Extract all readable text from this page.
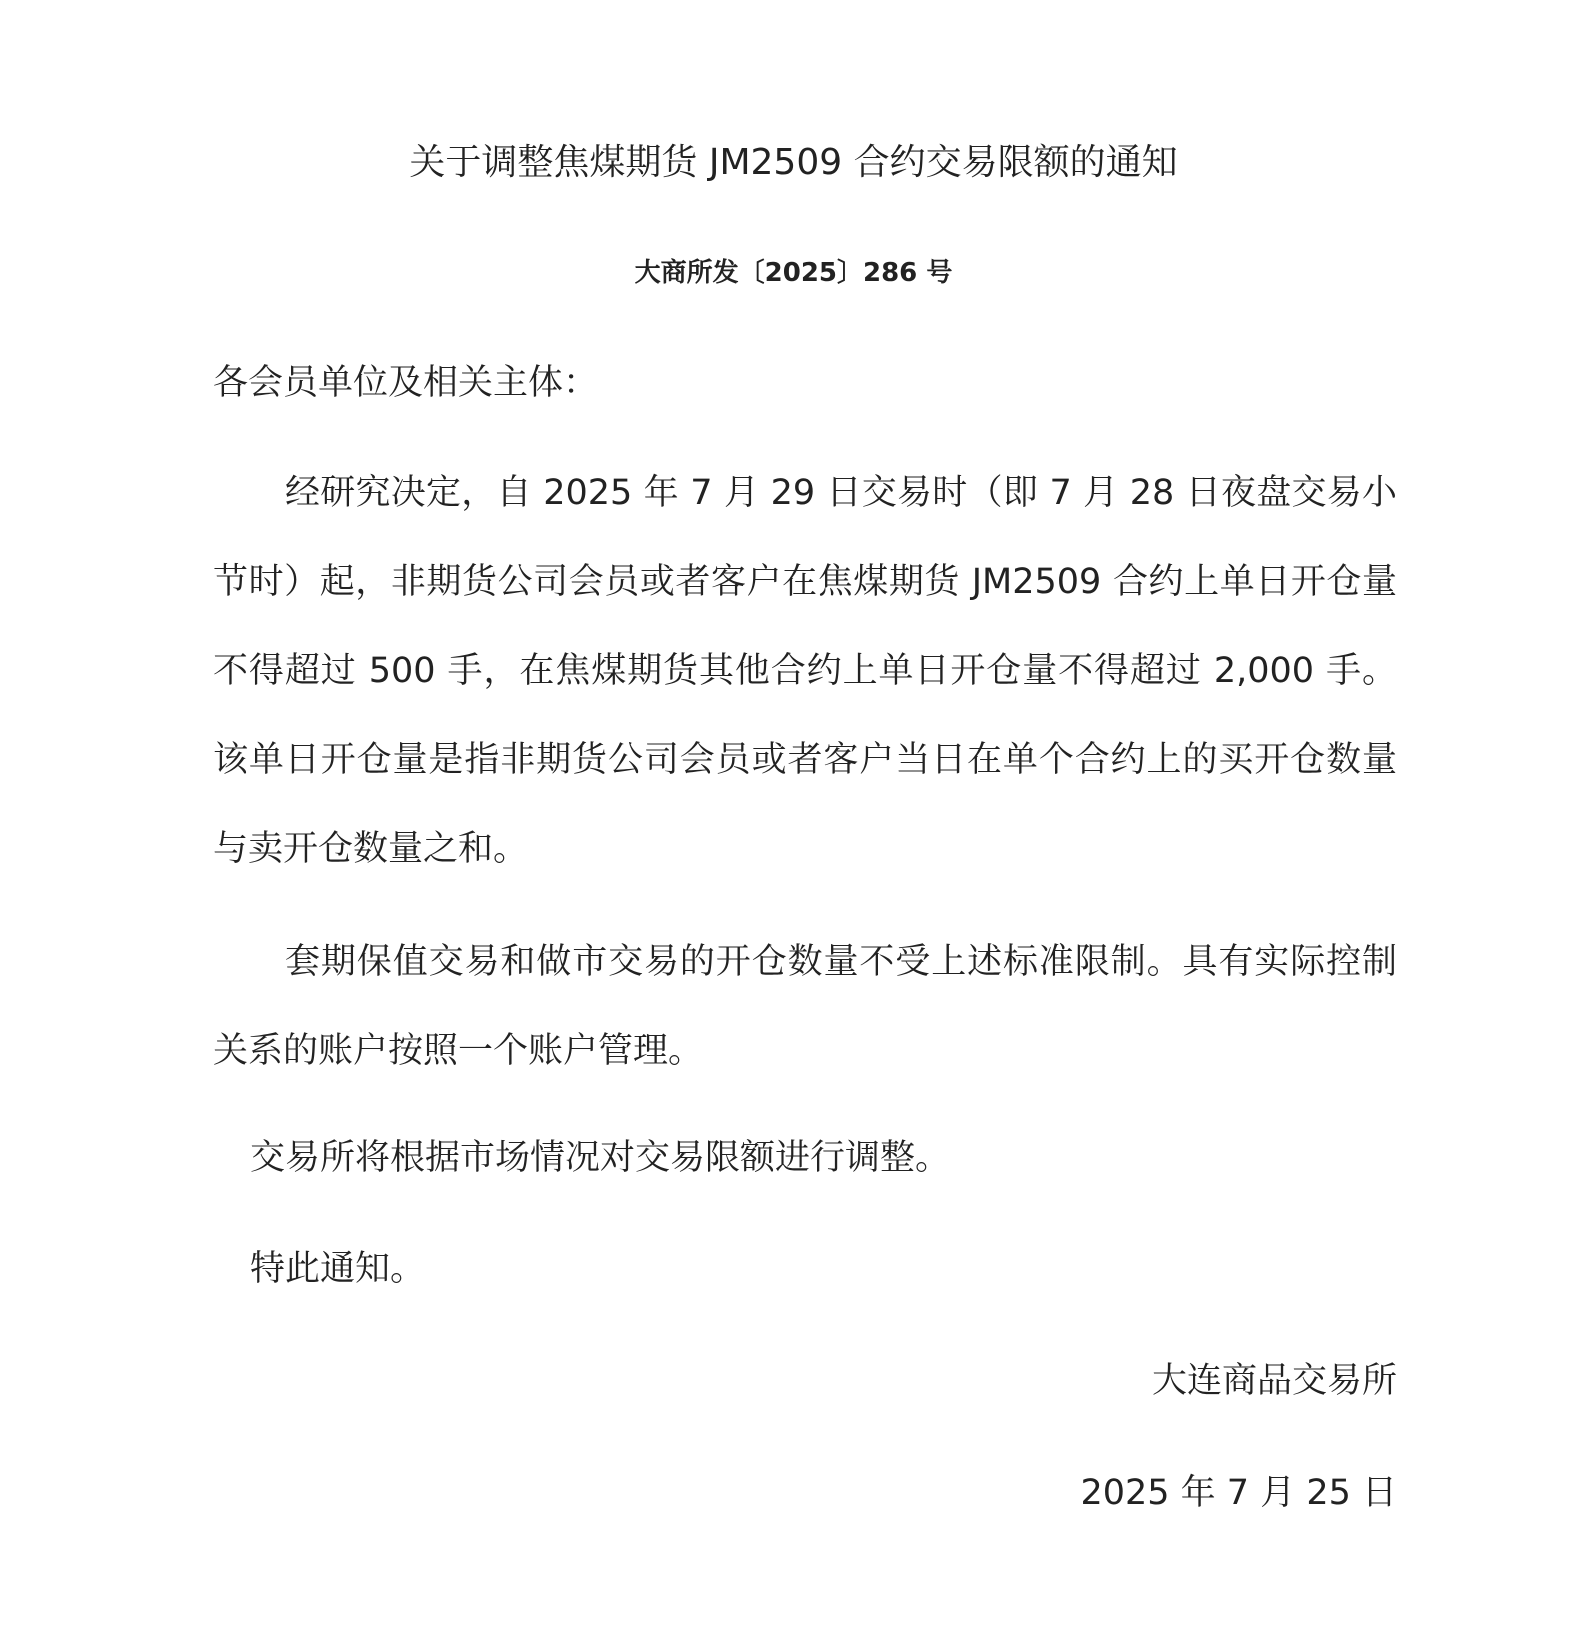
关于调整焦煤期货 JM2509 合约交易限额的通知
大商所发〔2025〕286 号
各会员单位及相关主体：

经研究决定，自 2025 年 7 月 29 日交易时（即 7 月 28 日夜盘交易小节时）起，非期货公司会员或者客户在焦煤期货 JM2509 合约上单日开仓量不得超过 500 手，在焦煤期货其他合约上单日开仓量不得超过 2,000 手。该单日开仓量是指非期货公司会员或者客户当日在单个合约上的买开仓数量与卖开仓数量之和。

套期保值交易和做市交易的开仓数量不受上述标准限制。具有实际控制关系的账户按照一个账户管理。

交易所将根据市场情况对交易限额进行调整。
特此通知。
大连商品交易所
2025 年 7 月 25 日
